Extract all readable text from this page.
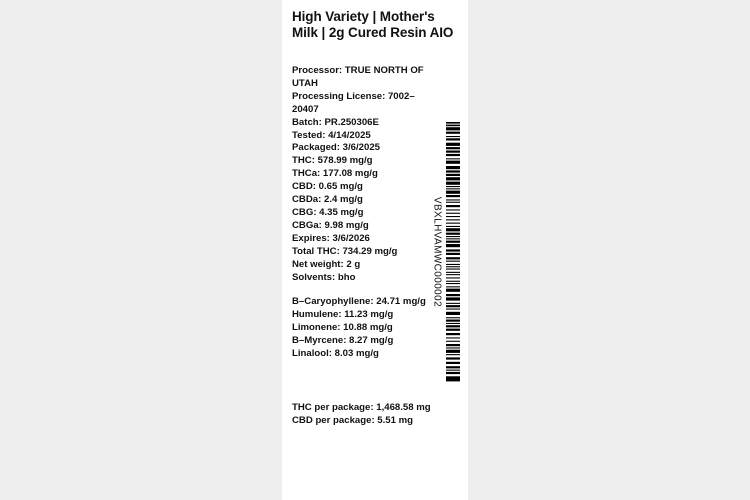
High Variety | Mother's Milk | 2g Cured Resin AIO
Processor: TRUE NORTH OF UTAH
Processing License: 7002–20407
Batch: PR.250306E
Tested: 4/14/2025
Packaged: 3/6/2025
THC: 578.99 mg/g
THCa: 177.08 mg/g
CBD: 0.65 mg/g
CBDa: 2.4 mg/g
CBG: 4.35 mg/g
CBGa: 9.98 mg/g
Expires: 3/6/2026
Total THC: 734.29 mg/g
Net weight: 2 g
Solvents: bho
B–Caryophyllene: 24.71 mg/g
Humulene: 11.23 mg/g
Limonene: 10.88 mg/g
B–Myrcene: 8.27 mg/g
Linalool: 8.03 mg/g
THC per package: 1,468.58 mg
CBD per package: 5.51 mg
VBXLHVAMWC000002
